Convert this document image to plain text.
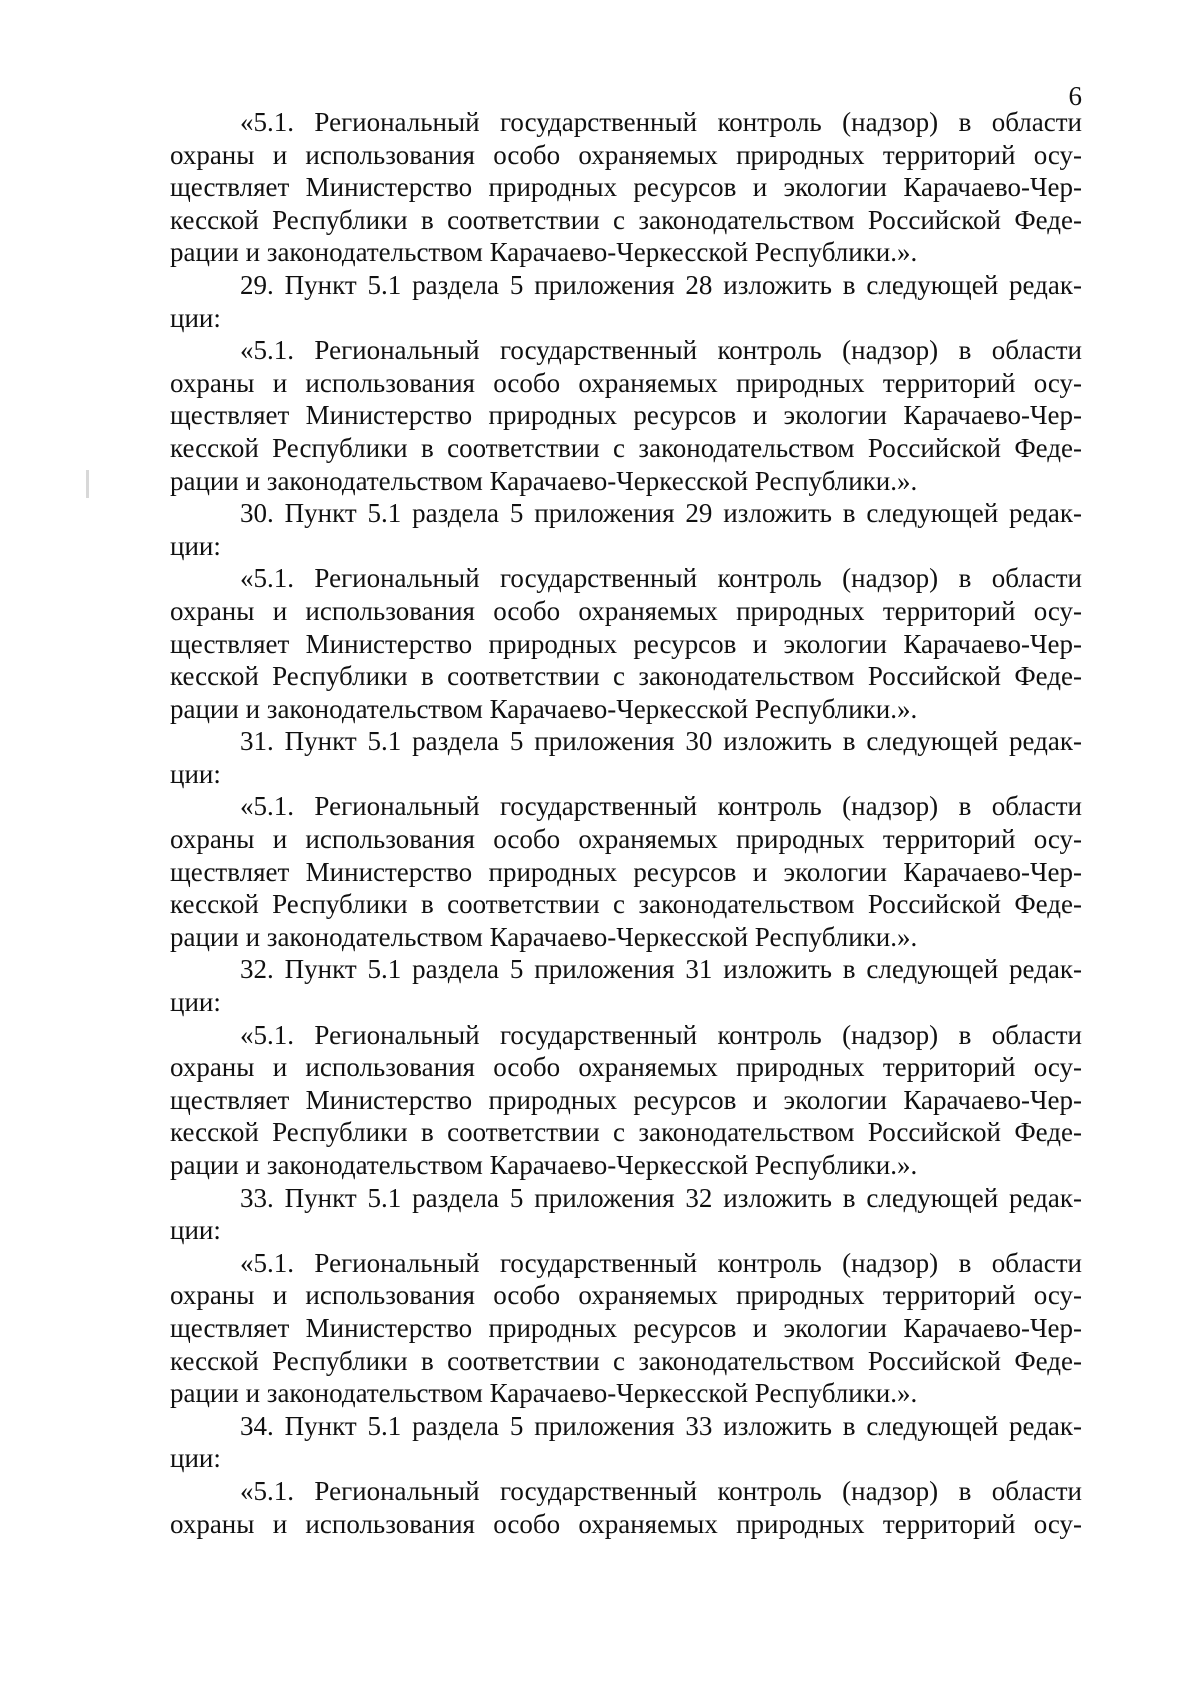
6
«5.1. Региональный государственный контроль (надзор) в области
охраны и использования особо охраняемых природных территорий осу-
ществляет Министерство природных ресурсов и экологии Карачаево-Чер-
кесской Республики в соответствии с законодательством Российской Феде-
рации и законодательством Карачаево-Черкесской Республики.».
29. Пункт 5.1 раздела 5 приложения 28 изложить в следующей редак-
ции:
«5.1. Региональный государственный контроль (надзор) в области
охраны и использования особо охраняемых природных территорий осу-
ществляет Министерство природных ресурсов и экологии Карачаево-Чер-
кесской Республики в соответствии с законодательством Российской Феде-
рации и законодательством Карачаево-Черкесской Республики.».
30. Пункт 5.1 раздела 5 приложения 29 изложить в следующей редак-
ции:
«5.1. Региональный государственный контроль (надзор) в области
охраны и использования особо охраняемых природных территорий осу-
ществляет Министерство природных ресурсов и экологии Карачаево-Чер-
кесской Республики в соответствии с законодательством Российской Феде-
рации и законодательством Карачаево-Черкесской Республики.».
31. Пункт 5.1 раздела 5 приложения 30 изложить в следующей редак-
ции:
«5.1. Региональный государственный контроль (надзор) в области
охраны и использования особо охраняемых природных территорий осу-
ществляет Министерство природных ресурсов и экологии Карачаево-Чер-
кесской Республики в соответствии с законодательством Российской Феде-
рации и законодательством Карачаево-Черкесской Республики.».
32. Пункт 5.1 раздела 5 приложения 31 изложить в следующей редак-
ции:
«5.1. Региональный государственный контроль (надзор) в области
охраны и использования особо охраняемых природных территорий осу-
ществляет Министерство природных ресурсов и экологии Карачаево-Чер-
кесской Республики в соответствии с законодательством Российской Феде-
рации и законодательством Карачаево-Черкесской Республики.».
33. Пункт 5.1 раздела 5 приложения 32 изложить в следующей редак-
ции:
«5.1. Региональный государственный контроль (надзор) в области
охраны и использования особо охраняемых природных территорий осу-
ществляет Министерство природных ресурсов и экологии Карачаево-Чер-
кесской Республики в соответствии с законодательством Российской Феде-
рации и законодательством Карачаево-Черкесской Республики.».
34. Пункт 5.1 раздела 5 приложения 33 изложить в следующей редак-
ции:
«5.1. Региональный государственный контроль (надзор) в области
охраны и использования особо охраняемых природных территорий осу-
